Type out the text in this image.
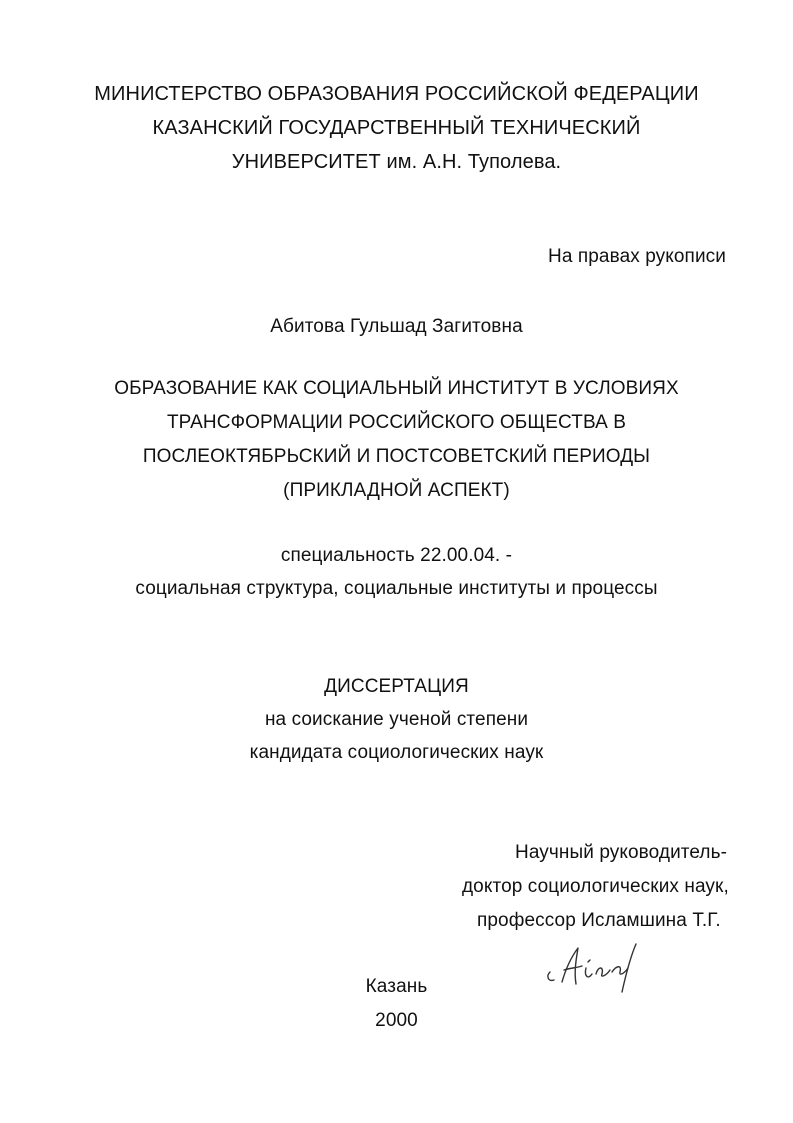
МИНИСТЕРСТВО ОБРАЗОВАНИЯ РОССИЙСКОЙ ФЕДЕРАЦИИ
КАЗАНСКИЙ ГОСУДАРСТВЕННЫЙ ТЕХНИЧЕСКИЙ
УНИВЕРСИТЕТ им. А.Н. Туполева.
На правах рукописи
Абитова Гульшад Загитовна
ОБРАЗОВАНИЕ КАК СОЦИАЛЬНЫЙ ИНСТИТУТ В УСЛОВИЯХ
ТРАНСФОРМАЦИИ РОССИЙСКОГО ОБЩЕСТВА В
ПОСЛЕОКТЯБРЬСКИЙ И ПОСТСОВЕТСКИЙ ПЕРИОДЫ
(ПРИКЛАДНОЙ АСПЕКТ)
специальность 22.00.04. -
социальная структура, социальные институты и процессы
ДИССЕРТАЦИЯ
на соискание ученой степени
кандидата социологических наук
Научный руководитель-
доктор социологических наук,
профессор Исламшина Т.Г.
Казань
2000
